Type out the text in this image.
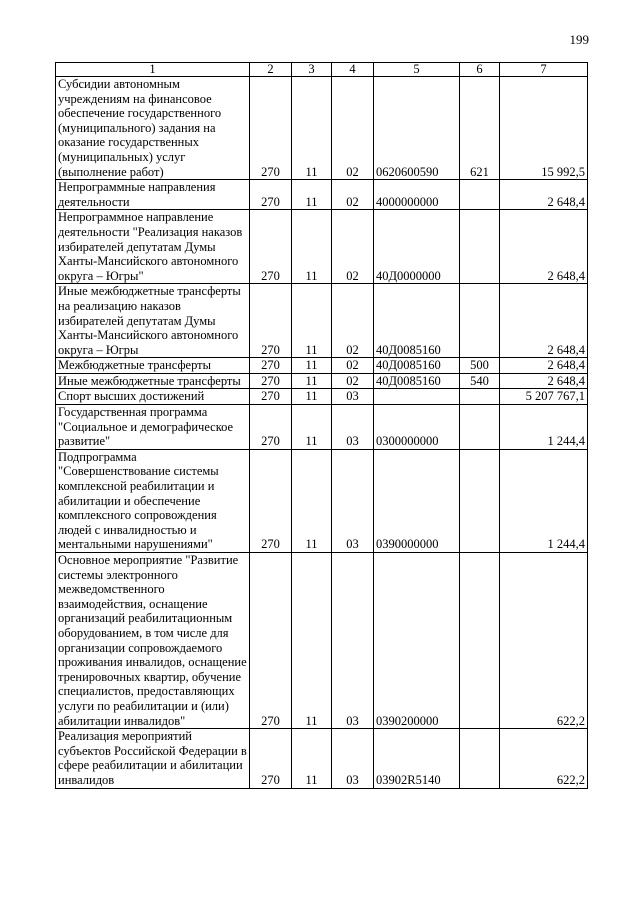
199
1	2	3	4	5	6	7
Субсидии автономным учреждениям на финансовое обеспечение государственного (муниципального) задания на оказание государственных (муниципальных) услуг (выполнение работ)	270	11	02	0620600590	621	15 992,5
Непрограммные направления деятельности	270	11	02	4000000000		2 648,4
Непрограммное направление деятельности "Реализация наказов избирателей депутатам Думы Ханты-Мансийского автономного округа – Югры"	270	11	02	40Д0000000		2 648,4
Иные межбюджетные трансферты на реализацию наказов избирателей депутатам Думы Ханты-Мансийского автономного округа – Югры	270	11	02	40Д0085160		2 648,4
Межбюджетные трансферты	270	11	02	40Д0085160	500	2 648,4
Иные межбюджетные трансферты	270	11	02	40Д0085160	540	2 648,4
Спорт высших достижений	270	11	03			5 207 767,1
Государственная программа "Социальное и демографическое развитие"	270	11	03	0300000000		1 244,4
Подпрограмма "Совершенствование системы комплексной реабилитации и абилитации и обеспечение комплексного сопровождения людей с инвалидностью и ментальными нарушениями"	270	11	03	0390000000		1 244,4
Основное мероприятие "Развитие системы электронного межведомственного взаимодействия, оснащение организаций реабилитационным оборудованием, в том числе для организации сопровождаемого проживания инвалидов, оснащение тренировочных квартир, обучение специалистов, предоставляющих услуги по реабилитации и (или) абилитации инвалидов"	270	11	03	0390200000		622,2
Реализация мероприятий субъектов Российской Федерации в сфере реабилитации и абилитации инвалидов	270	11	03	03902R5140		622,2
